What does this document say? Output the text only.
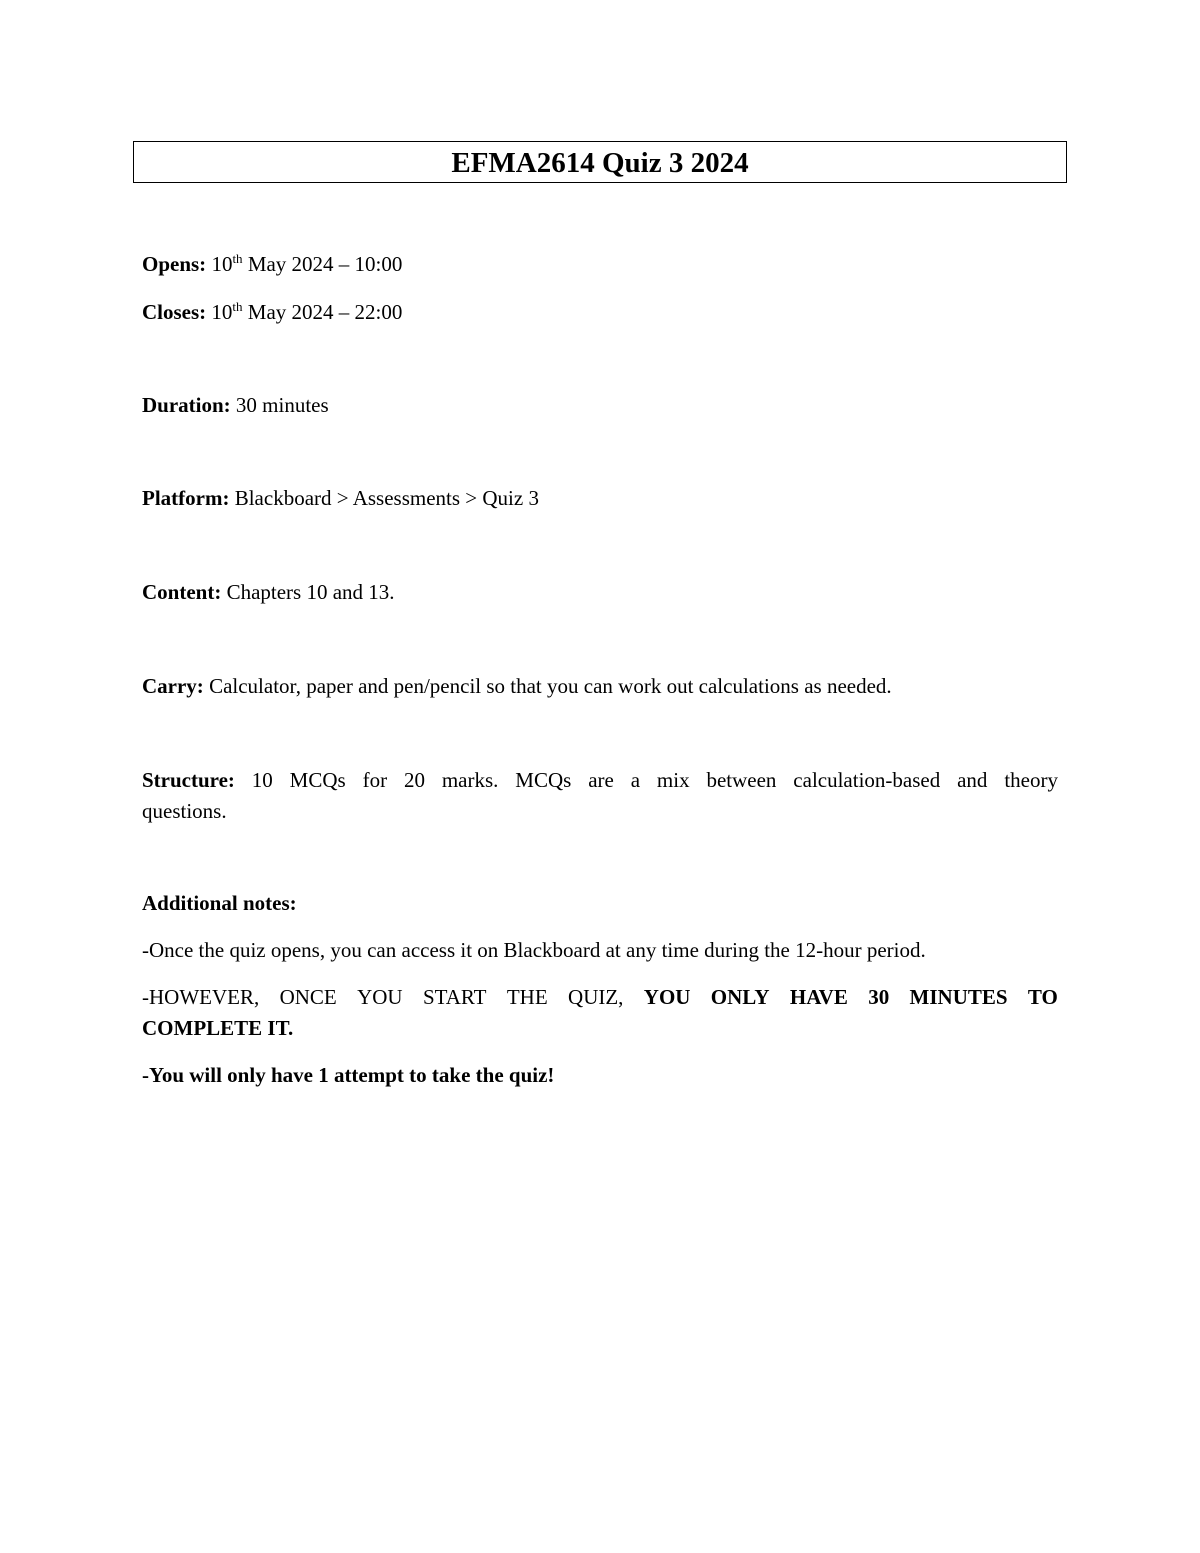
EFMA2614 Quiz 3 2024
Opens: 10th May 2024 – 10:00
Closes: 10th May 2024 – 22:00
Duration: 30 minutes
Platform: Blackboard > Assessments > Quiz 3
Content: Chapters 10 and 13.
Carry: Calculator, paper and pen/pencil so that you can work out calculations as needed.
Structure: 10 MCQs for 20 marks. MCQs are a mix between calculation-based and theory
questions.
Additional notes:
-Once the quiz opens, you can access it on Blackboard at any time during the 12-hour period.
-HOWEVER, ONCE YOU START THE QUIZ, YOU ONLY HAVE 30 MINUTES TO
COMPLETE IT.
-You will only have 1 attempt to take the quiz!
